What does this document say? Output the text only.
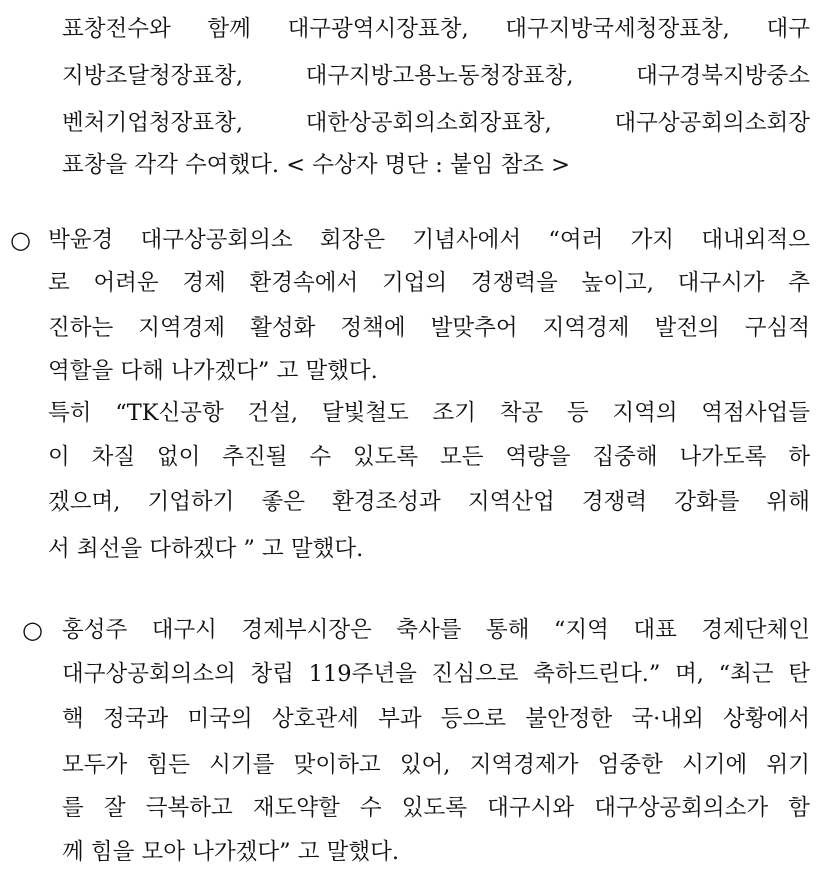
표창전수와 함께 대구광역시장표창, 대구지방국세청장표창, 대구
지방조달청장표창, 대구지방고용노동청장표창, 대구경북지방중소
벤처기업청장표창, 대한상공회의소회장표창, 대구상공회의소회장
표창을 각각 수여했다. < 수상자 명단 : 붙임 참조 >
○ 박윤경 대구상공회의소 회장은 기념사에서 “여러 가지 대내외적으
로 어려운 경제 환경속에서 기업의 경쟁력을 높이고, 대구시가 추
진하는 지역경제 활성화 정책에 발맞추어 지역경제 발전의 구심적
역할을 다해 나가겠다” 고 말했다.
특히 “TK신공항 건설, 달빛철도 조기 착공 등 지역의 역점사업들
이 차질 없이 추진될 수 있도록 모든 역량을 집중해 나가도록 하
겠으며, 기업하기 좋은 환경조성과 지역산업 경쟁력 강화를 위해
서 최선을 다하겠다 ” 고 말했다.
○ 홍성주 대구시 경제부시장은 축사를 통해 “지역 대표 경제단체인
대구상공회의소의 창립 119주년을 진심으로 축하드린다.” 며, “최근 탄
핵 정국과 미국의 상호관세 부과 등으로 불안정한 국·내외 상황에서
모두가 힘든 시기를 맞이하고 있어, 지역경제가 엄중한 시기에 위기
를 잘 극복하고 재도약할 수 있도록 대구시와 대구상공회의소가 함
께 힘을 모아 나가겠다” 고 말했다.
